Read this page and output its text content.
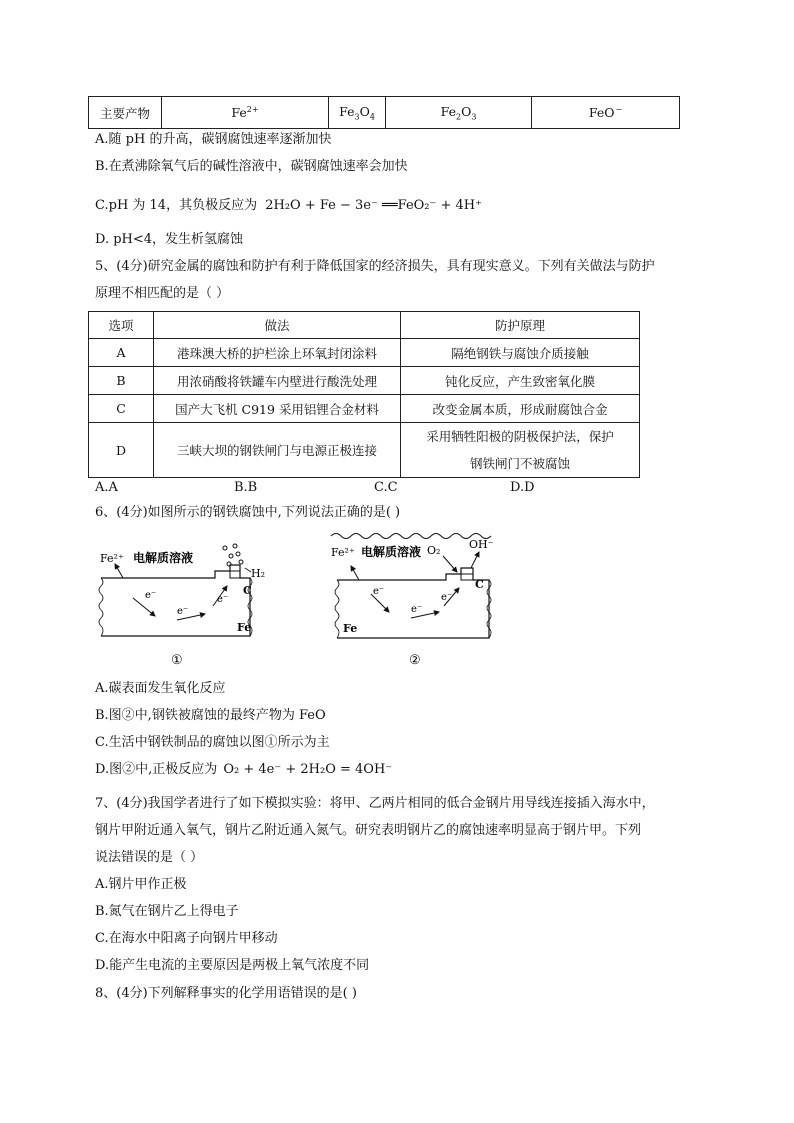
主要产物	$Fe^{2+}$	$Fe_3O_4$	$Fe_2O_3$	FeO−
A.随 pH 的升高，碳钢腐蚀速率逐渐加快
B.在煮沸除氧气后的碱性溶液中，碳钢腐蚀速率会加快
C.pH 为 14，其负极反应为 2H₂O + Fe − 3e⁻ ══FeO₂⁻ + 4H⁺
D. pH<4，发生析氢腐蚀
5、(4分)研究金属的腐蚀和防护有利于降低国家的经济损失，具有现实意义。下列有关做法与防护
原理不相匹配的是（ ）
选项	做法	防护原理
A	港珠澳大桥的护栏涂上环氧封闭涂料	隔绝钢铁与腐蚀介质接触
B	用浓硝酸将铁罐车内壁进行酸洗处理	钝化反应，产生致密氧化膜
C	国产大飞机 C919 采用铝锂合金材料	改变金属本质，形成耐腐蚀合金
D	三峡大坝的钢铁闸门与电源正极连接	采用牺牲阳极的阴极保护法，保护
钢铁闸门不被腐蚀
A.A	B.B	C.C	D.D
6、(4分)如图所示的钢铁腐蚀中,下列说法正确的是( )
Fe²⁺ 电解质溶液
H₂
C
Fe
e⁻
e⁻
e⁻
①
Fe²⁺ 电解质溶液 O₂	OH⁻
C
Fe
e⁻
e⁻
e⁻
②
A.碳表面发生氧化反应
B.图②中,钢铁被腐蚀的最终产物为 FeO
C.生活中钢铁制品的腐蚀以图①所示为主
D.图②中,正极反应为 O₂ + 4e⁻ + 2H₂O = 4OH⁻
7、(4分)我国学者进行了如下模拟实验：将甲、乙两片相同的低合金钢片用导线连接插入海水中，
钢片甲附近通入氧气，钢片乙附近通入氮气。研究表明钢片乙的腐蚀速率明显高于钢片甲。下列
说法错误的是（ ）
A.钢片甲作正极
B.氮气在钢片乙上得电子
C.在海水中阳离子向钢片甲移动
D.能产生电流的主要原因是两极上氧气浓度不同
8、(4分)下列解释事实的化学用语错误的是( )
